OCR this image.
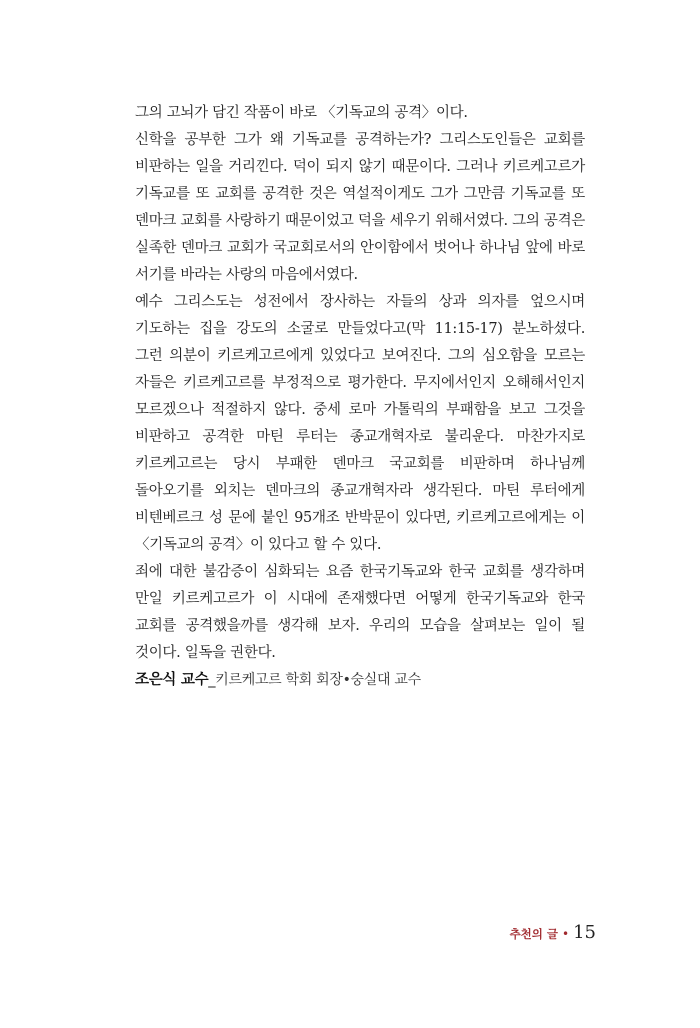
그의 고뇌가 담긴 작품이 바로 〈기독교의 공격〉이다.

신학을 공부한 그가 왜 기독교를 공격하는가? 그리스도인들은 교회를 비판하는 일을 거리낀다. 덕이 되지 않기 때문이다. 그러나 키르케고르가 기독교를 또 교회를 공격한 것은 역설적이게도 그가 그만큼 기독교를 또 덴마크 교회를 사랑하기 때문이었고 덕을 세우기 위해서였다. 그의 공격은 실족한 덴마크 교회가 국교회로서의 안이함에서 벗어나 하나님 앞에 바로 서기를 바라는 사랑의 마음에서였다.

예수 그리스도는 성전에서 장사하는 자들의 상과 의자를 엎으시며 기도하는 집을 강도의 소굴로 만들었다고(막 11:15-17) 분노하셨다. 그런 의분이 키르케고르에게 있었다고 보여진다. 그의 심오함을 모르는 자들은 키르케고르를 부정적으로 평가한다. 무지에서인지 오해해서인지 모르겠으나 적절하지 않다. 중세 로마 가톨릭의 부패함을 보고 그것을 비판하고 공격한 마틴 루터는 종교개혁자로 불리운다. 마찬가지로 키르케고르는 당시 부패한 덴마크 국교회를 비판하며 하나님께 돌아오기를 외치는 덴마크의 종교개혁자라 생각된다. 마틴 루터에게 비텐베르크 성 문에 붙인 95개조 반박문이 있다면, 키르케고르에게는 이 〈기독교의 공격〉이 있다고 할 수 있다.

죄에 대한 불감증이 심화되는 요즘 한국기독교와 한국 교회를 생각하며 만일 키르케고르가 이 시대에 존재했다면 어떻게 한국기독교와 한국 교회를 공격했을까를 생각해 보자. 우리의 모습을 살펴보는 일이 될 것이다. 일독을 권한다.

조은식 교수_키르케고르 학회 회장•숭실대 교수

추천의 글 • 15
